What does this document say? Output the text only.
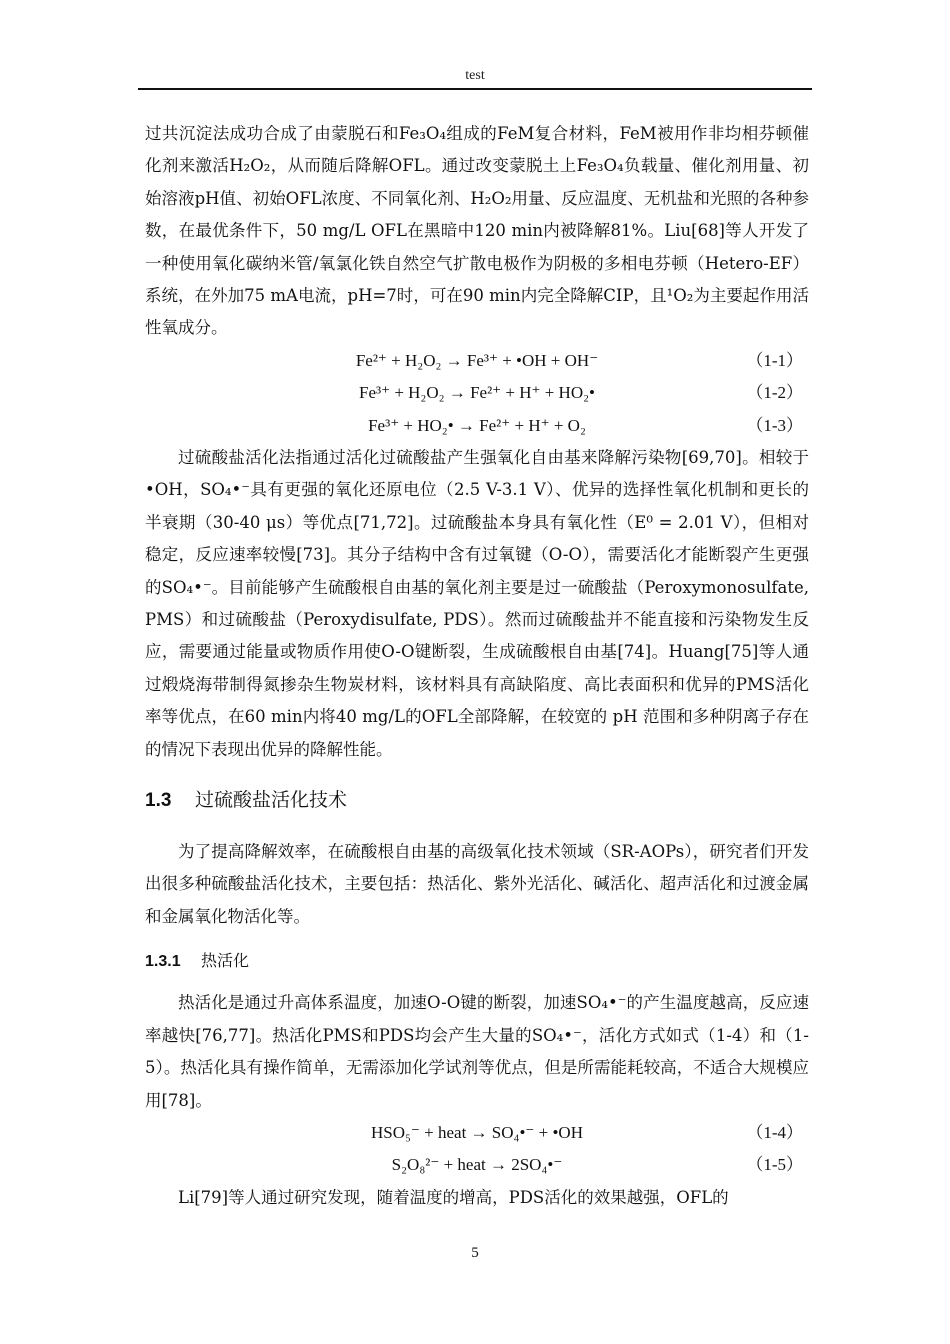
test

过共沉淀法成功合成了由蒙脱石和Fe₃O₄组成的FeM复合材料，FeM被用作非均相芬顿催化剂来激活H₂O₂，从而随后降解OFL。通过改变蒙脱土上Fe₃O₄负载量、催化剂用量、初始溶液pH值、初始OFL浓度、不同氧化剂、H₂O₂用量、反应温度、无机盐和光照的各种参数，在最优条件下，50 mg/L OFL在黑暗中120 min内被降解81%。Liu[68]等人开发了一种使用氧化碳纳米管/氧氯化铁自然空气扩散电极作为阴极的多相电芬顿（Hetero-EF）系统，在外加75 mA电流，pH=7时，可在90 min内完全降解CIP，且¹O₂为主要起作用活性氧成分。

Fe²⁺ + H₂O₂ → Fe³⁺ + •OH + OH⁻	（1-1）
Fe³⁺ + H₂O₂ → Fe²⁺ + H⁺ + HO₂•	（1-2）
Fe³⁺ + HO₂• → Fe²⁺ + H⁺ + O₂	（1-3）

过硫酸盐活化法指通过活化过硫酸盐产生强氧化自由基来降解污染物[69,70]。相较于•OH，SO₄•⁻具有更强的氧化还原电位（2.5 V-3.1 V）、优异的选择性氧化机制和更长的半衰期（30-40 μs）等优点[71,72]。过硫酸盐本身具有氧化性（E⁰ = 2.01 V），但相对稳定，反应速率较慢[73]。其分子结构中含有过氧键（O-O），需要活化才能断裂产生更强的SO₄•⁻。目前能够产生硫酸根自由基的氧化剂主要是过一硫酸盐（Peroxymonosulfate, PMS）和过硫酸盐（Peroxydisulfate, PDS）。然而过硫酸盐并不能直接和污染物发生反应，需要通过能量或物质作用使O-O键断裂，生成硫酸根自由基[74]。Huang[75]等人通过煅烧海带制得氮掺杂生物炭材料，该材料具有高缺陷度、高比表面积和优异的PMS活化率等优点，在60 min内将40 mg/L的OFL全部降解，在较宽的 pH 范围和多种阴离子存在的情况下表现出优异的降解性能。

1.3 过硫酸盐活化技术

为了提高降解效率，在硫酸根自由基的高级氧化技术领域（SR-AOPs），研究者们开发出很多种硫酸盐活化技术，主要包括：热活化、紫外光活化、碱活化、超声活化和过渡金属和金属氧化物活化等。

1.3.1 热活化

热活化是通过升高体系温度，加速O-O键的断裂，加速SO₄•⁻的产生温度越高，反应速率越快[76,77]。热活化PMS和PDS均会产生大量的SO₄•⁻，活化方式如式（1-4）和（1-5）。热活化具有操作简单，无需添加化学试剂等优点，但是所需能耗较高，不适合大规模应用[78]。

HSO₅⁻ + heat → SO₄•⁻ + •OH	（1-4）
S₂O₈²⁻ + heat → 2SO₄•⁻	（1-5）

Li[79]等人通过研究发现，随着温度的增高，PDS活化的效果越强，OFL的

5
